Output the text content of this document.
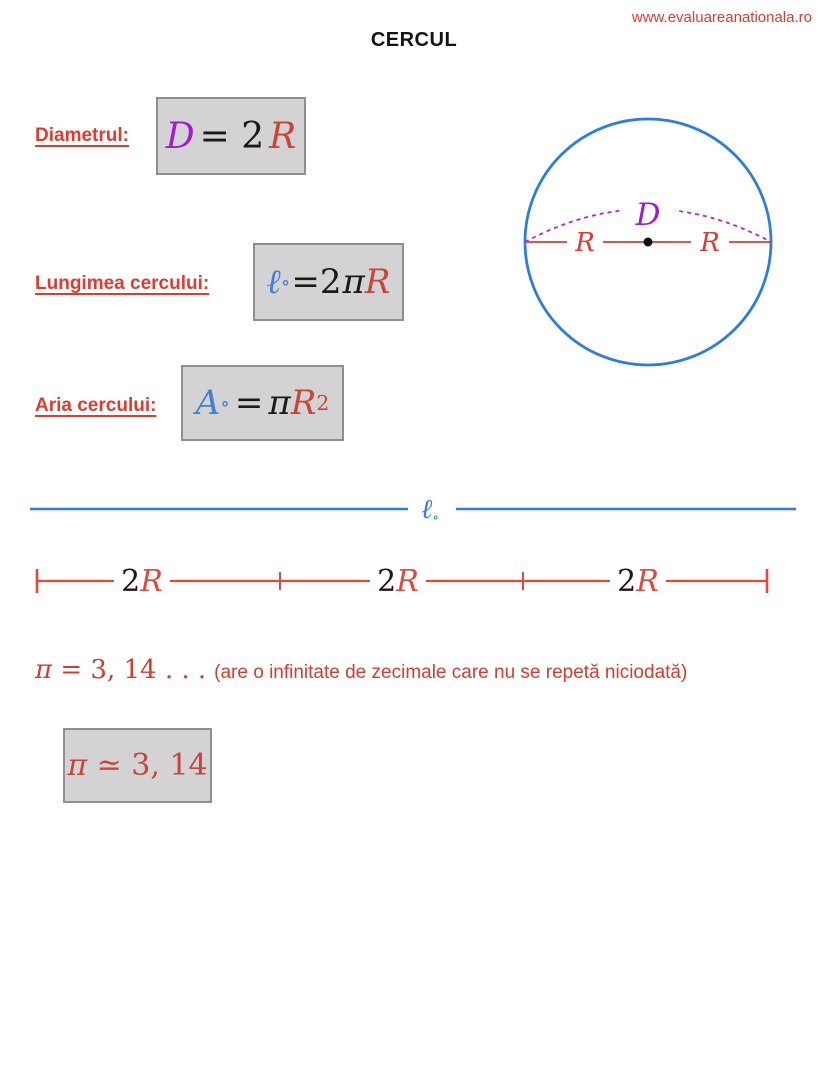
www.evaluareanationala.ro
CERCUL
Diametrul: D = 2 R
D
R	R
Lungimea cercului: ℓ ∘ =2 π R
Aria cercului: A ∘ = π R 2
ℓ∘
2R	2R	2R
π = 3, 14 . . . (are o infinitate de zecimale care nu se repetă niciodată)
π ≃ 3, 14
